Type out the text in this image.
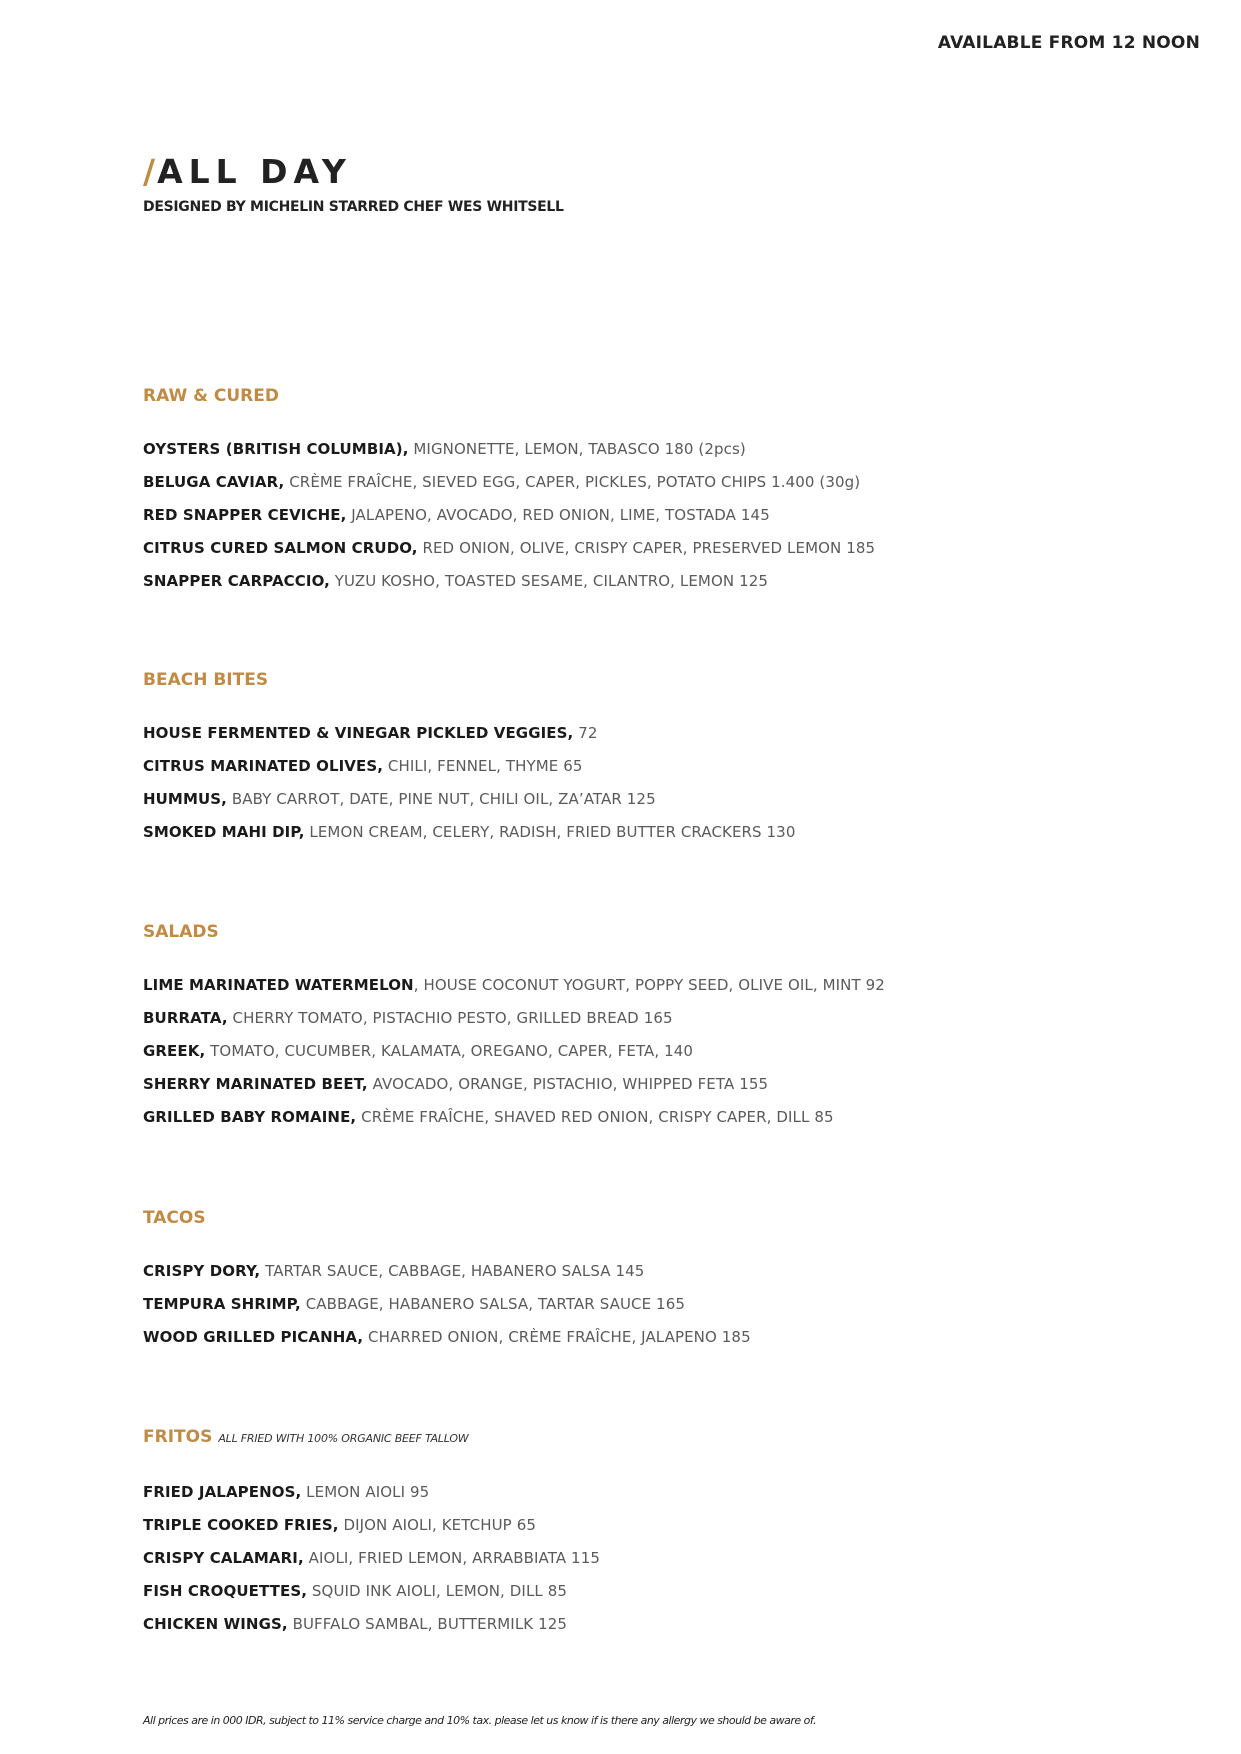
AVAILABLE FROM 12 NOON
/ALL DAY
DESIGNED BY MICHELIN STARRED CHEF WES WHITSELL
RAW & CURED
OYSTERS (BRITISH COLUMBIA), MIGNONETTE, LEMON, TABASCO 180 (2pcs)
BELUGA CAVIAR, CRÈME FRAÎCHE, SIEVED EGG, CAPER, PICKLES, POTATO CHIPS 1.400 (30g)
RED SNAPPER CEVICHE, JALAPENO, AVOCADO, RED ONION, LIME, TOSTADA 145
CITRUS CURED SALMON CRUDO, RED ONION, OLIVE, CRISPY CAPER, PRESERVED LEMON 185
SNAPPER CARPACCIO, YUZU KOSHO, TOASTED SESAME, CILANTRO, LEMON 125
BEACH BITES
HOUSE FERMENTED & VINEGAR PICKLED VEGGIES, 72
CITRUS MARINATED OLIVES, CHILI, FENNEL, THYME 65
HUMMUS, BABY CARROT, DATE, PINE NUT, CHILI OIL, ZA’ATAR 125
SMOKED MAHI DIP, LEMON CREAM, CELERY, RADISH, FRIED BUTTER CRACKERS 130
SALADS
LIME MARINATED WATERMELON, HOUSE COCONUT YOGURT, POPPY SEED, OLIVE OIL, MINT 92
BURRATA, CHERRY TOMATO, PISTACHIO PESTO, GRILLED BREAD 165
GREEK, TOMATO, CUCUMBER, KALAMATA, OREGANO, CAPER, FETA, 140
SHERRY MARINATED BEET, AVOCADO, ORANGE, PISTACHIO, WHIPPED FETA 155
GRILLED BABY ROMAINE, CRÈME FRAÎCHE, SHAVED RED ONION, CRISPY CAPER, DILL 85
TACOS
CRISPY DORY, TARTAR SAUCE, CABBAGE, HABANERO SALSA 145
TEMPURA SHRIMP, CABBAGE, HABANERO SALSA, TARTAR SAUCE 165
WOOD GRILLED PICANHA, CHARRED ONION, CRÈME FRAÎCHE, JALAPENO 185
FRITOS ALL FRIED WITH 100% ORGANIC BEEF TALLOW
FRIED JALAPENOS, LEMON AIOLI 95
TRIPLE COOKED FRIES, DIJON AIOLI, KETCHUP 65
CRISPY CALAMARI, AIOLI, FRIED LEMON, ARRABBIATA 115
FISH CROQUETTES, SQUID INK AIOLI, LEMON, DILL 85
CHICKEN WINGS, BUFFALO SAMBAL, BUTTERMILK 125
All prices are in 000 IDR, subject to 11% service charge and 10% tax. please let us know if is there any allergy we should be aware of.
